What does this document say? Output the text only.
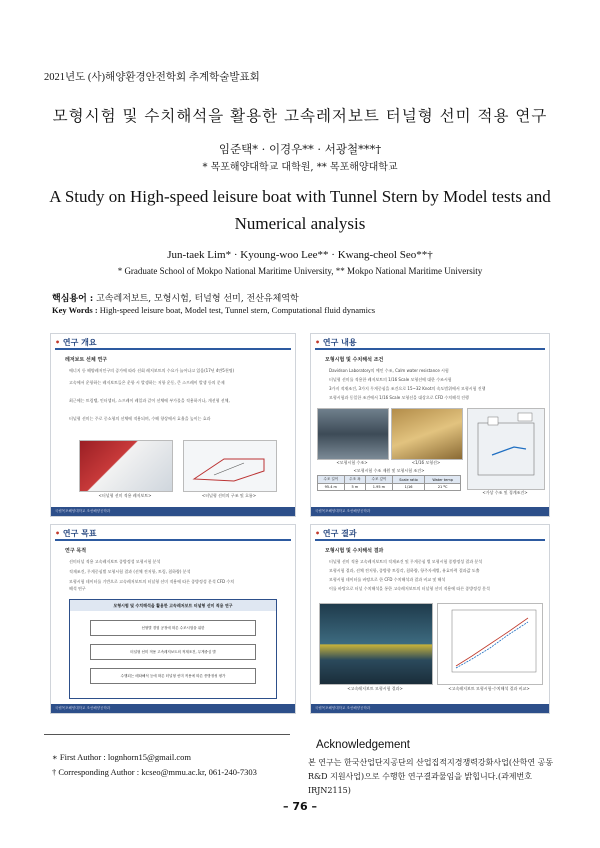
2021년도 (사)해양환경안전학회 추계학술발표회
모형시험 및 수치해석을 활용한 고속레저보트 터널형 선미 적용 연구
임준택* · 이경우** · 서광철***†
* 목포해양대학교 대학원, ** 목포해양대학교
A Study on High-speed leisure boat with Tunnel Stern by Model tests and Numerical analysis
Jun-taek Lim* · Kyoung-woo Lee** · Kwang-cheol Seo**†
* Graduate School of Mokpo National Maritime University, ** Mokpo National Maritime University
핵심용어 : 고속레저보트, 모형시험, 터널형 선미, 전산유체역학
Key Words : High-speed leisure boat, Model test, Tunnel stern, Computational fluid dynamics
• 연구 개요
레저보트 선체 연구
에너지 등 해양레저인구의 증가에 따라 선회 레저보트의 수요가 늘어나고 있음(17년 4만5천명)
고속에서 운항하는 레저보트들은 운항 시 발생하는 저항 운동, 큰 스프레이 발생 등의 문제
최근에는 트림탭, 인터셉터, 스프레이 레일과 같이 선체에 부가물을 적용하거나, 개선형 선체,
터널형 선미는 주로 중소형의 선체에 적용되며, 수해 향상에서 효율을 높이는 효과
<터널형 선미 적용 레저보트>	<터널형 선미의 구조 및 흐름>
국립목포해양대학교 조선해양공학과
• 연구 내용
모형시험 및 수치해석 조건
Davidson Laboratory의 예인 수조, Calm water resistance 시험
터널형 선미를 적용한 레저보트의 1/16 Scale 모형선에 대한 수조시험
3가지 적재조건, 3가지 무게중심을 조건으로 15~32 Knot의 속도범위에서 모형시험 진행
모형시험과 동일한 조건에서 1/16 Scale 모형선을 대상으로 CFD 수치해석 진행
<모형시험 수조>	<1/16 모형선>
<가상 수조 및 경계조건>
<모형시험 수조 제원 및 모형시험 조건>
수조 길이	수조 폭	수조 깊이	Scale ratio	Water temp
95.4 m	5 m	1.95 m	1/16	21 ºC
국립목포해양대학교 조선해양공학과
• 연구 목표
연구 목적
선미터널 적용 고속레저보트 종방정성 모형시험 분석
적재조건, 무게중심별 모형시험 결과 (선체 전저항, 트림, 침하량) 분석
모형시험 데이터를 기반으로 고속레저보트의 터널형 선미 적용에 따른 종방정성 분석 CFD 수치
해석 연구
모형시험 및 수치해석을 활용한 고속레저보트 터널형 선미 적용 연구
선형별 경험 공정에 따른 수조시험을 위한
터널형 선미 적용 고속레저보트의 적재조건, 무게중심 별
수행되는 메타해석 등에 따른 터널형 선미 적용에 따른 종방정성 평가
국립목포해양대학교 조선해양공학과
• 연구 결과
모형시험 및 수치해석 결과
터널형 선미 적용 고속레저보트의 적재조건 및 무게중심 별 모형시험 종방정성 결과 분석
모형시험 결과, 선체 전저항, 종방향 트림각, 침하량, 항주자세별, 유효마력 결과값 도출
모형시험 데이터를 바탕으로 한 CFD 수치해석과 결과 비교 및 해석
이를 바탕으로 터널 수치해석을 통한 고속레저보트의 터널형 선미 적용에 따른 종방정성 분석
<고속레저보트 모형시험 결과>	<고속레저보트 모형시험-수치해석 결과 비교>
국립목포해양대학교 조선해양공학과
Acknowledgement
본 연구는 한국산업단지공단의 산업집적지경쟁력강화사업(산학연 공동 R&D 지원사업)으로 수행한 연구결과물임을 밝힙니다.(과제번호 IRJN2115)
∗ First Author : lognhorn15@gmail.com
† Corresponding Author : kcseo@mmu.ac.kr, 061-240-7303
– 76 –
